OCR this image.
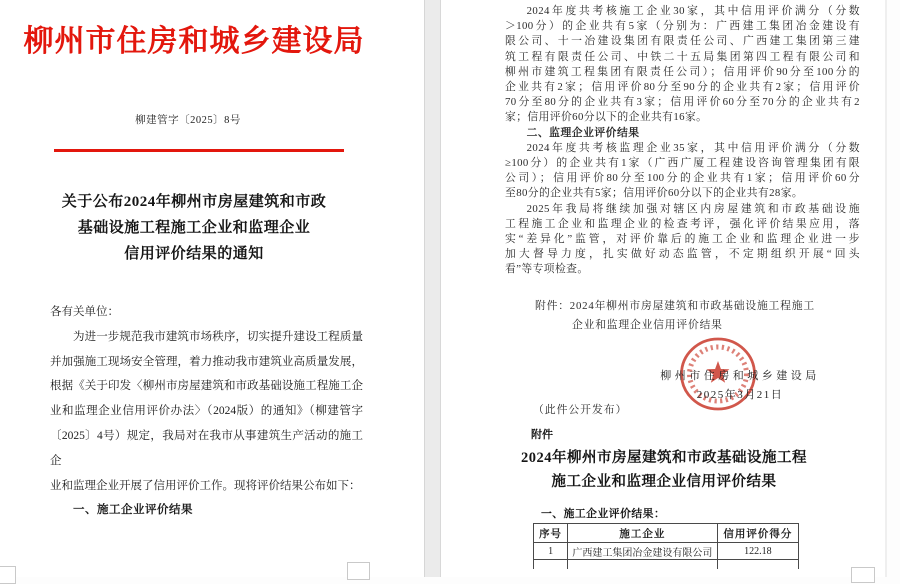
柳州市住房和城乡建设局
柳建管字〔2025〕8号
关于公布2024年柳州市房屋建筑和市政
基础设施工程施工企业和监理企业
信用评价结果的通知
各有关单位：
为进一步规范我市建筑市场秩序，切实提升建设工程质量
并加强施工现场安全管理，着力推动我市建筑业高质量发展，
根据《关于印发〈柳州市房屋建筑和市政基础设施工程施工企
业和监理企业信用评价办法〉（2024版）的通知》（柳建管字
〔2025〕4号）规定，我局对在我市从事建筑生产活动的施工企
业和监理企业开展了信用评价工作。现将评价结果公布如下：
一、施工企业评价结果
2024年度共考核施工企业30家，其中信用评价满分（分数
＞100分）的企业共有5家（分别为：广西建工集团冶金建设有
限公司、十一冶建设集团有限责任公司、广西建工集团第三建
筑工程有限责任公司、中铁二十五局集团第四工程有限公司和
柳州市建筑工程集团有限责任公司）；信用评价90分至100分的
企业共有2家；信用评价80分至90分的企业共有2家；信用评价
70分至80分的企业共有3家；信用评价60分至70分的企业共有2
家；信用评价60分以下的企业共有16家。
二、监理企业评价结果
2024年度共考核监理企业35家，其中信用评价满分（分数
≥100分）的企业共有1家（广西广厦工程建设咨询管理集团有限
公司）；信用评价80分至100分的企业共有1家；信用评价60分
至80分的企业共有5家；信用评价60分以下的企业共有28家。
2025年我局将继续加强对辖区内房屋建筑和市政基础设施
工程施工企业和监理企业的检查考评，强化评价结果应用，落
实“差异化”监管，对评价靠后的施工企业和监理企业进一步
加大督导力度，扎实做好动态监管，不定期组织开展“回头
看”等专项检查。
附件：2024年柳州市房屋建筑和市政基础设施工程施工
企业和监理企业信用评价结果
柳州市住房和城乡建设局
2025年3月21日
（此件公开发布）
附件
2024年柳州市房屋建筑和市政基础设施工程
施工企业和监理企业信用评价结果
一、施工企业评价结果：
序号	施工企业	信用评价得分
1	广西建工集团冶金建设有限公司	122.18
